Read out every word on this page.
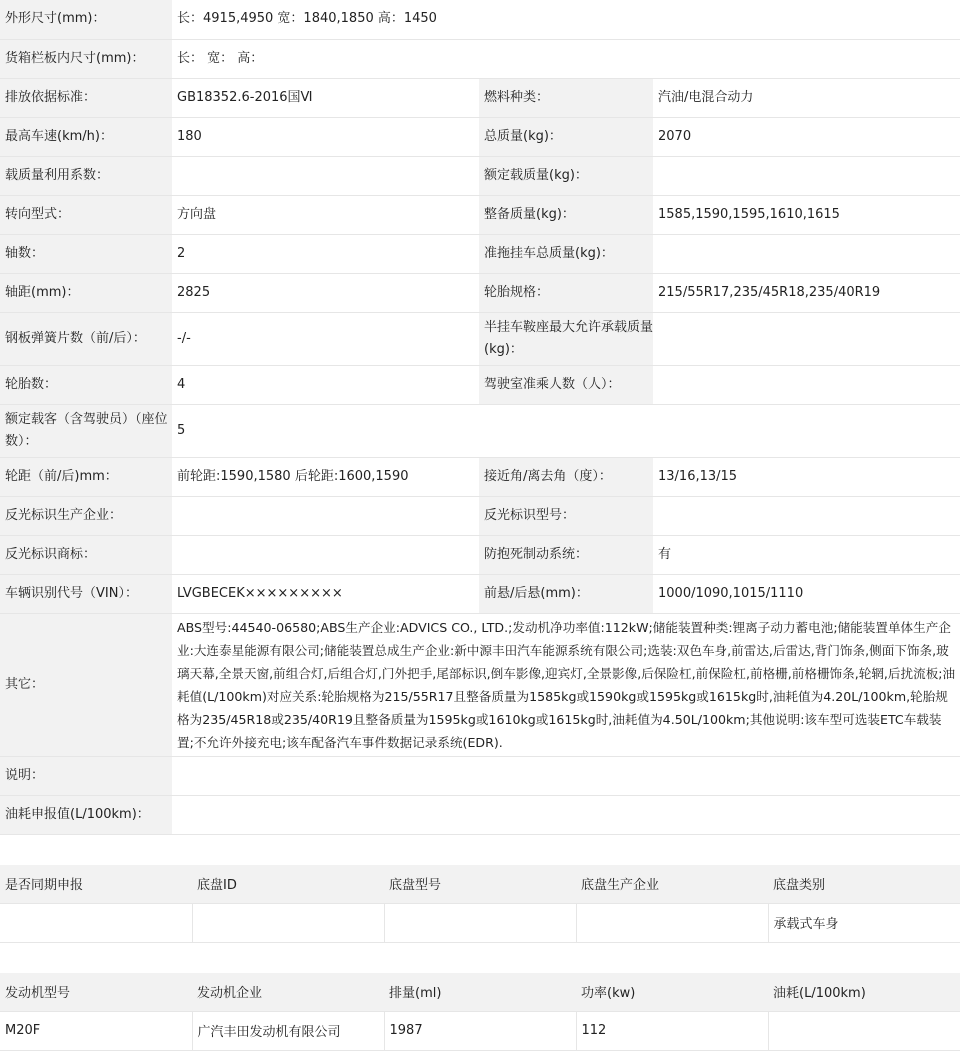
外形尺寸(mm)：	长：4915,4950 宽：1840,1850 高：1450		
货箱栏板内尺寸(mm)：	长： 宽： 高：		
排放依据标准：	GB18352.6-2016国Ⅵ	燃料种类：	汽油/电混合动力
最高车速(km/h)：	180	总质量(kg)：	2070
载质量利用系数：		额定载质量(kg)：	
转向型式：	方向盘	整备质量(kg)：	1585,1590,1595,1610,1615
轴数：	2	准拖挂车总质量(kg)：	
轴距(mm)：	2825	轮胎规格：	215/55R17,235/45R18,235/40R19
钢板弹簧片数（前/后）：	-/-	半挂车鞍座最大允许承载质量(kg)：	
轮胎数：	4	驾驶室准乘人数（人）：	
额定载客（含驾驶员）（座位数）：	5		
轮距（前/后)mm：	前轮距:1590,1580 后轮距:1600,1590	接近角/离去角（度）：	13/16,13/15
反光标识生产企业：		反光标识型号：	
反光标识商标：		防抱死制动系统：	有
车辆识别代号（VIN）：	LVGBECEK×××××××××	前悬/后悬(mm)：	1000/1090,1015/1110
其它：	ABS型号:44540-06580;ABS生产企业:ADVICS CO., LTD.;发动机净功率值:112kW;储能装置种类:锂离子动力蓄电池;储能装置单体生产企业:大连泰星能源有限公司;储能装置总成生产企业:新中源丰田汽车能源系统有限公司;选装:双色车身,前雷达,后雷达,背门饰条,侧面下饰条,玻璃天幕,全景天窗,前组合灯,后组合灯,门外把手,尾部标识,倒车影像,迎宾灯,全景影像,后保险杠,前保险杠,前格栅,前格栅饰条,轮辋,后扰流板;油耗值(L/100km)对应关系:轮胎规格为215/55R17且整备质量为1585kg或1590kg或1595kg或1615kg时,油耗值为4.20L/100km,轮胎规格为235/45R18或235/40R19且整备质量为1595kg或1610kg或1615kg时,油耗值为4.50L/100km;其他说明:该车型可选装ETC车载装置;不允许外接充电;该车配备汽车事件数据记录系统(EDR).		
说明：			
油耗申报值(L/100km)：			
是否同期申报	底盘ID	底盘型号	底盘生产企业	底盘类别
				承载式车身
发动机型号	发动机企业	排量(ml)	功率(kw)	油耗(L/100km)
M20F	广汽丰田发动机有限公司	1987	112	
